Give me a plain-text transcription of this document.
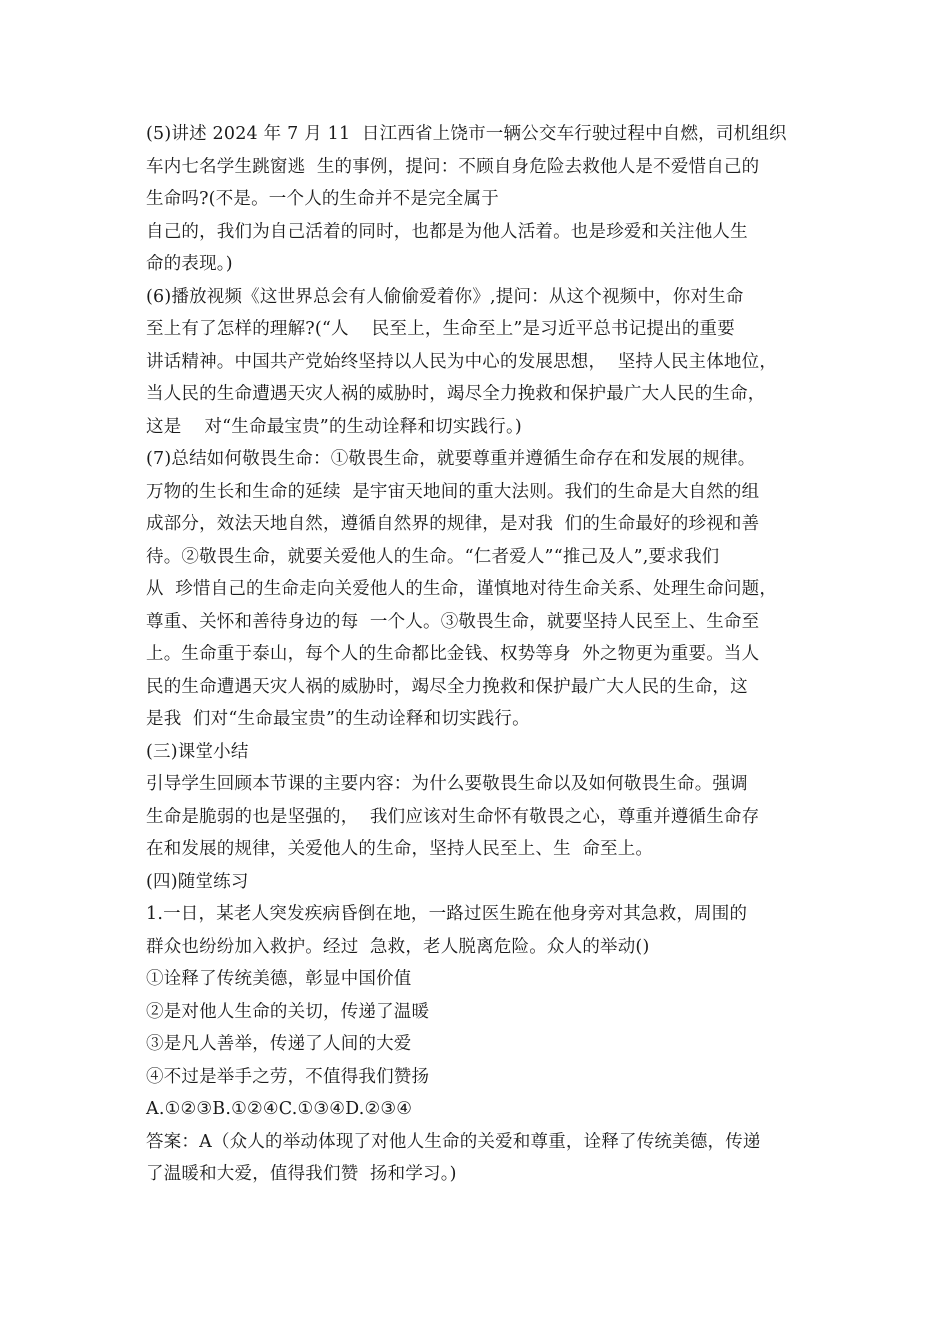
(5)讲述 2024 年 7 月 11  日江西省上饶市一辆公交车行驶过程中自燃，司机组织
车内七名学生跳窗逃  生的事例，提问：不顾自身危险去救他人是不爱惜自己的
生命吗?(不是。一个人的生命并不是完全属于
自己的，我们为自己活着的同时，也都是为他人活着。也是珍爱和关注他人生
命的表现。)
(6)播放视频《这世界总会有人偷偷爱着你》,提问：从这个视频中，你对生命
至上有了怎样的理解?(“人    民至上，生命至上”是习近平总书记提出的重要
讲话精神。中国共产党始终坚持以人民为中心的发展思想，  坚持人民主体地位，
当人民的生命遭遇天灾人祸的威胁时，竭尽全力挽救和保护最广大人民的生命，
这是    对“生命最宝贵”的生动诠释和切实践行。)
(7)总结如何敬畏生命：①敬畏生命，就要尊重并遵循生命存在和发展的规律。
万物的生长和生命的延续  是宇宙天地间的重大法则。我们的生命是大自然的组
成部分，效法天地自然，遵循自然界的规律，是对我  们的生命最好的珍视和善
待。②敬畏生命，就要关爱他人的生命。“仁者爱人”“推己及人”,要求我们
从  珍惜自己的生命走向关爱他人的生命，谨慎地对待生命关系、处理生命问题，
尊重、关怀和善待身边的每  一个人。③敬畏生命，就要坚持人民至上、生命至
上。生命重于泰山，每个人的生命都比金钱、权势等身  外之物更为重要。当人
民的生命遭遇天灾人祸的威胁时，竭尽全力挽救和保护最广大人民的生命，这
是我  们对“生命最宝贵”的生动诠释和切实践行。
(三)课堂小结
引导学生回顾本节课的主要内容：为什么要敬畏生命以及如何敬畏生命。强调
生命是脆弱的也是坚强的，  我们应该对生命怀有敬畏之心，尊重并遵循生命存
在和发展的规律，关爱他人的生命，坚持人民至上、生  命至上。
(四)随堂练习
1.一日，某老人突发疾病昏倒在地，一路过医生跪在他身旁对其急救，周围的
群众也纷纷加入救护。经过  急救，老人脱离危险。众人的举动()
①诠释了传统美德，彰显中国价值
②是对他人生命的关切，传递了温暖
③是凡人善举，传递了人间的大爱
④不过是举手之劳，不值得我们赞扬
A.①②③B.①②④C.①③④D.②③④
答案：A（众人的举动体现了对他人生命的关爱和尊重，诠释了传统美德，传递
了温暖和大爱，值得我们赞  扬和学习。)
